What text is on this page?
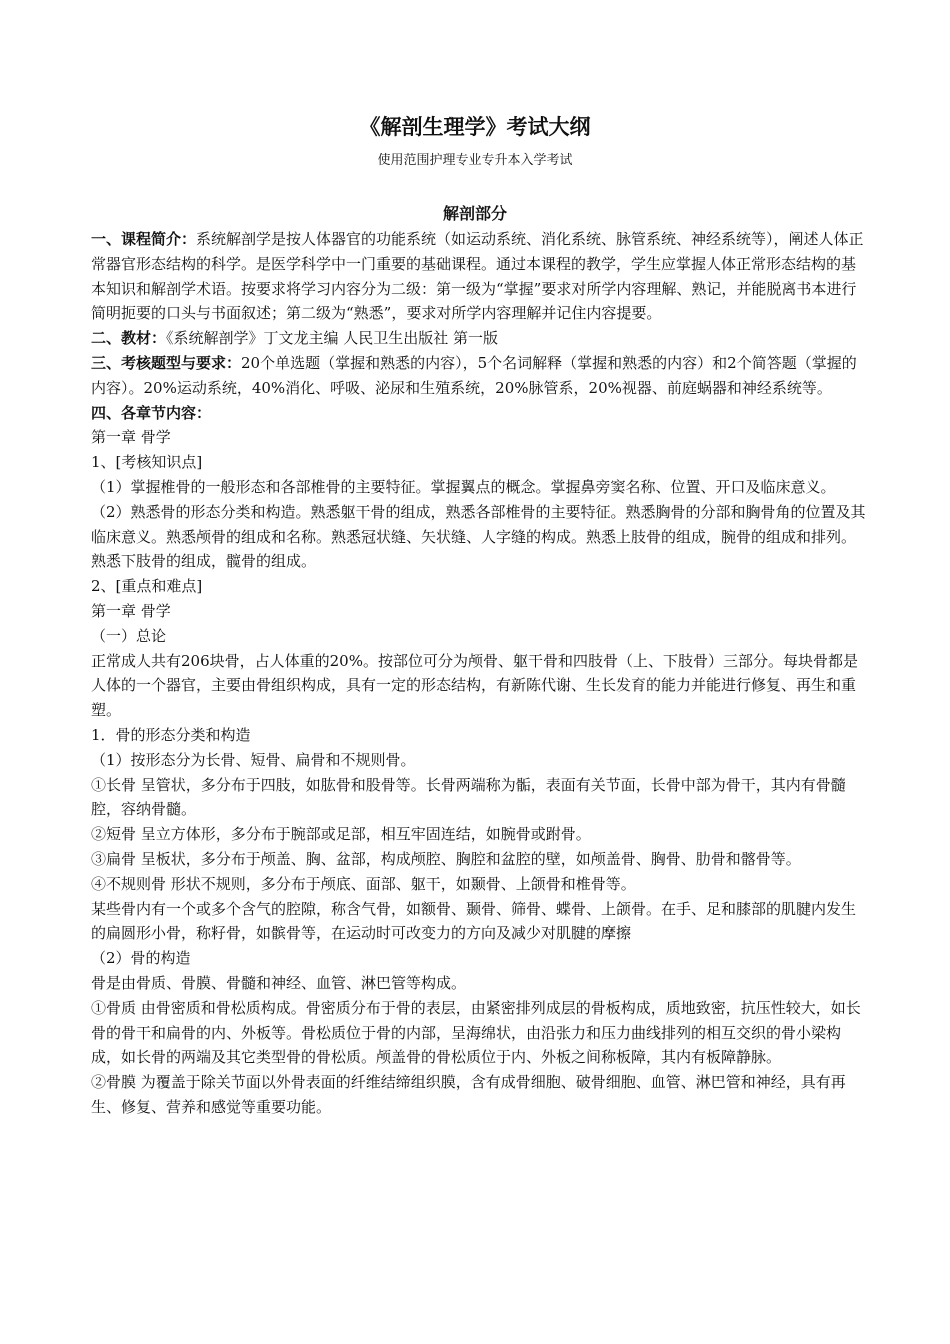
《解剖生理学》考试大纲
使用范围护理专业专升本入学考试
解剖部分

一、课程简介：系统解剖学是按人体器官的功能系统（如运动系统、消化系统、脉管系统、神经系统等），阐述人体正常器官形态结构的科学。是医学科学中一门重要的基础课程。通过本课程的教学，学生应掌握人体正常形态结构的基本知识和解剖学术语。按要求将学习内容分为二级：第一级为“掌握”要求对所学内容理解、熟记，并能脱离书本进行简明扼要的口头与书面叙述；第二级为“熟悉”，要求对所学内容理解并记住内容提要。

二、教材：《系统解剖学》丁文龙主编 人民卫生出版社 第一版

三、考核题型与要求：20个单选题（掌握和熟悉的内容），5个名词解释（掌握和熟悉的内容）和2个简答题（掌握的内容）。20%运动系统，40%消化、呼吸、泌尿和生殖系统，20%脉管系，20%视器、前庭蜗器和神经系统等。

四、各章节内容：

第一章 骨学

1、[考核知识点]

（1）掌握椎骨的一般形态和各部椎骨的主要特征。掌握翼点的概念。掌握鼻旁窦名称、位置、开口及临床意义。

（2）熟悉骨的形态分类和构造。熟悉躯干骨的组成，熟悉各部椎骨的主要特征。熟悉胸骨的分部和胸骨角的位置及其临床意义。熟悉颅骨的组成和名称。熟悉冠状缝、矢状缝、人字缝的构成。熟悉上肢骨的组成，腕骨的组成和排列。熟悉下肢骨的组成，髋骨的组成。

2、[重点和难点]

第一章 骨学

（一）总论

正常成人共有206块骨，占人体重的20%。按部位可分为颅骨、躯干骨和四肢骨（上、下肢骨）三部分。每块骨都是人体的一个器官，主要由骨组织构成，具有一定的形态结构，有新陈代谢、生长发育的能力并能进行修复、再生和重塑。

1．骨的形态分类和构造

（1）按形态分为长骨、短骨、扁骨和不规则骨。

①长骨 呈管状，多分布于四肢，如肱骨和股骨等。长骨两端称为骺，表面有关节面，长骨中部为骨干，其内有骨髓腔，容纳骨髓。

②短骨 呈立方体形，多分布于腕部或足部，相互牢固连结，如腕骨或跗骨。

③扁骨 呈板状，多分布于颅盖、胸、盆部，构成颅腔、胸腔和盆腔的壁，如颅盖骨、胸骨、肋骨和髂骨等。

④不规则骨 形状不规则，多分布于颅底、面部、躯干，如颞骨、上颌骨和椎骨等。

某些骨内有一个或多个含气的腔隙，称含气骨，如额骨、颞骨、筛骨、蝶骨、上颌骨。在手、足和膝部的肌腱内发生的扁圆形小骨，称籽骨，如髌骨等，在运动时可改变力的方向及减少对肌腱的摩擦

（2）骨的构造

骨是由骨质、骨膜、骨髓和神经、血管、淋巴管等构成。

①骨质 由骨密质和骨松质构成。骨密质分布于骨的表层，由紧密排列成层的骨板构成，质地致密，抗压性较大，如长骨的骨干和扁骨的内、外板等。骨松质位于骨的内部，呈海绵状，由沿张力和压力曲线排列的相互交织的骨小梁构成，如长骨的两端及其它类型骨的骨松质。颅盖骨的骨松质位于内、外板之间称板障，其内有板障静脉。

②骨膜 为覆盖于除关节面以外骨表面的纤维结缔组织膜，含有成骨细胞、破骨细胞、血管、淋巴管和神经，具有再生、修复、营养和感觉等重要功能。
